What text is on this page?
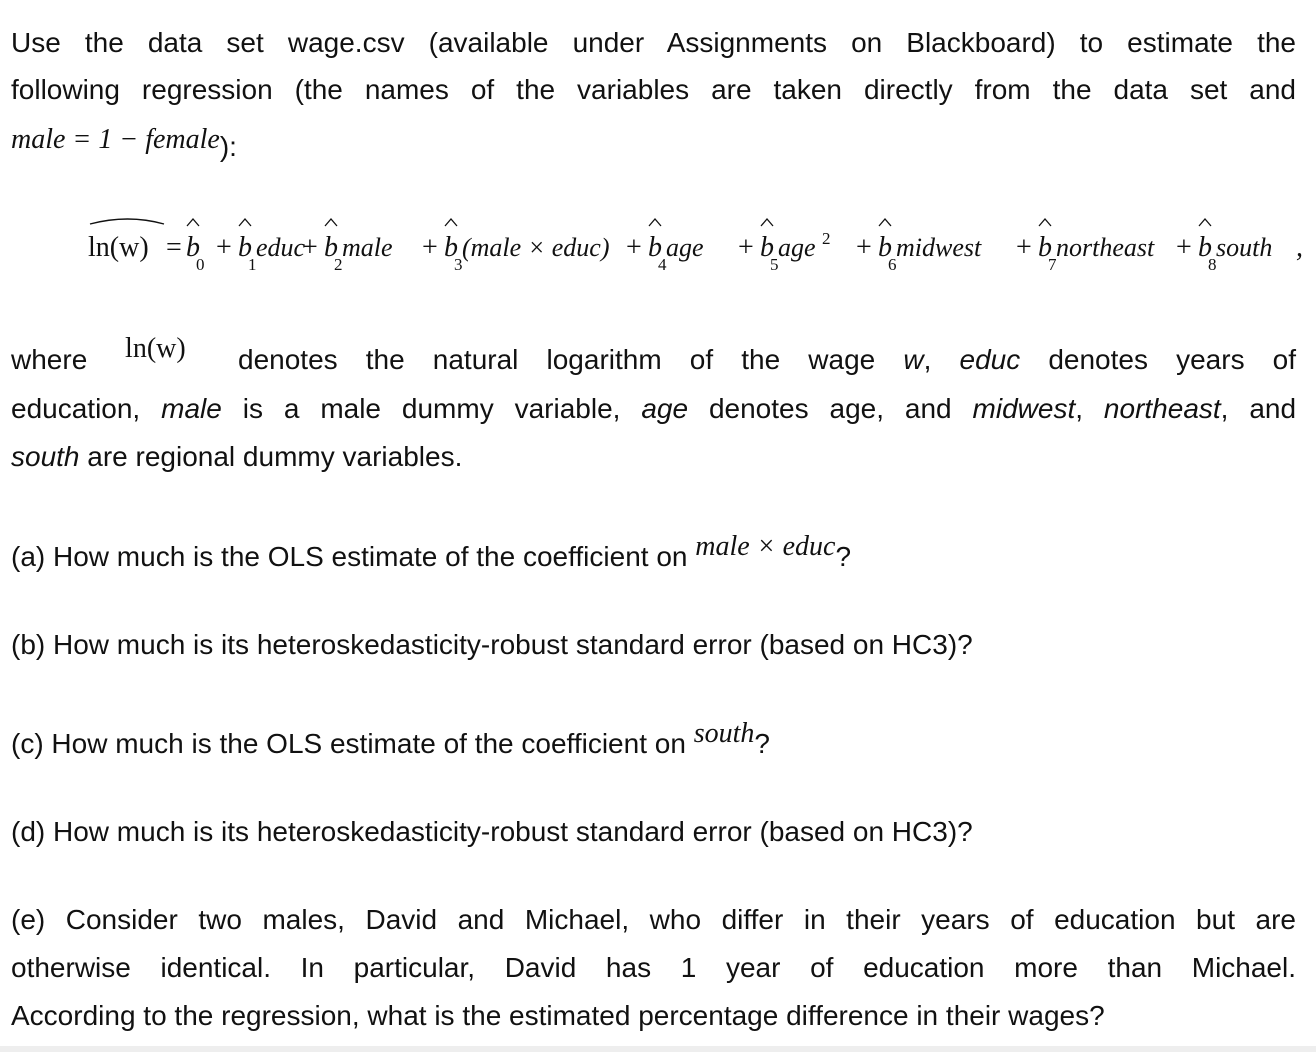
Use the data set wage.csv (available under Assignments on Blackboard) to estimate the
following regression (the names of the variables are taken directly from the data set and
male = 1 − female):
ln(w) = b
0
+ b
1
educ
+ b
2
male + b
3
(male × educ) + b
4
age + b
5
age 2 + b
6
midwest + b
7
northeast + b
8
south ,
where ln(w) denotes the natural logarithm of the wage w, educ denotes years of
education, male is a male dummy variable, age denotes age, and midwest, northeast, and
south are regional dummy variables.
(a) How much is the OLS estimate of the coefficient on male × educ?
(b) How much is its heteroskedasticity-robust standard error (based on HC3)?
(c) How much is the OLS estimate of the coefficient on south?
(d) How much is its heteroskedasticity-robust standard error (based on HC3)?
(e) Consider two males, David and Michael, who differ in their years of education but are
otherwise identical. In particular, David has 1 year of education more than Michael.
According to the regression, what is the estimated percentage difference in their wages?
